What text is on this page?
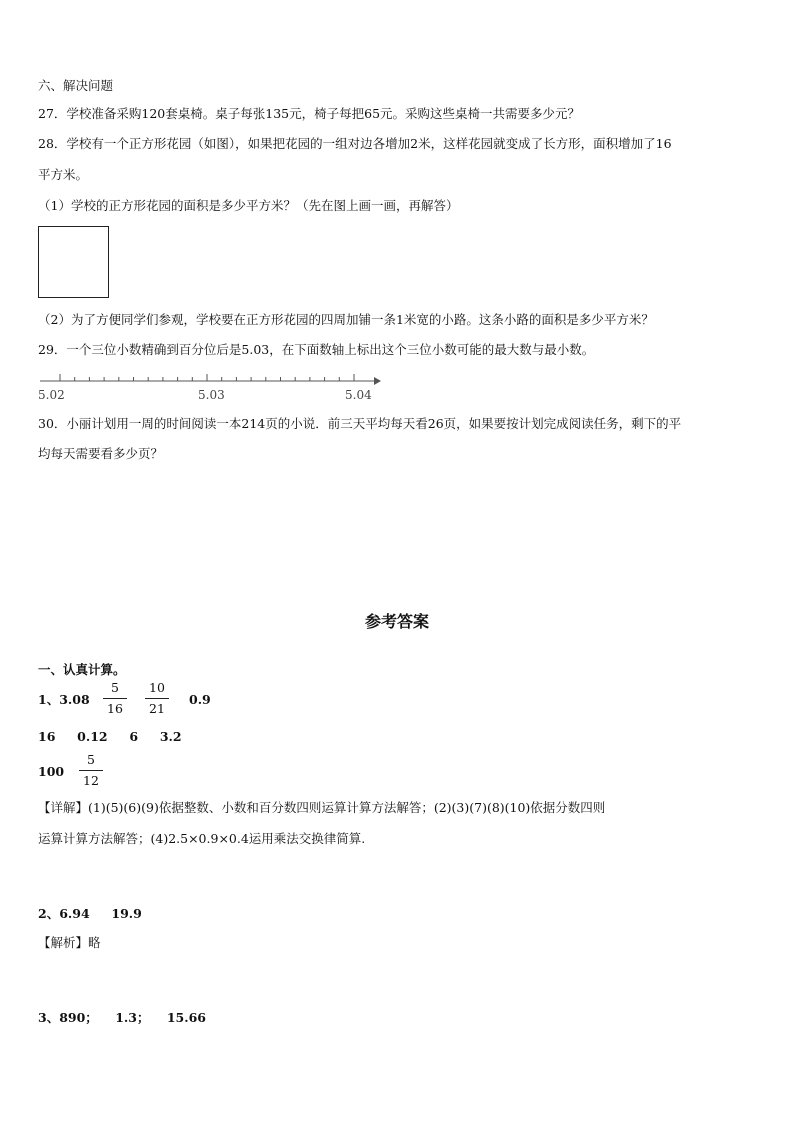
六、解决问题
27．学校准备采购120套桌椅。桌子每张135元，椅子每把65元。采购这些桌椅一共需要多少元？
28．学校有一个正方形花园（如图），如果把花园的一组对边各增加2米，这样花园就变成了长方形，面积增加了16
平方米。
（1）学校的正方形花园的面积是多少平方米？（先在图上画一画，再解答）
（2）为了方便同学们参观，学校要在正方形花园的四周加铺一条1米宽的小路。这条小路的面积是多少平方米？
29．一个三位小数精确到百分位后是5.03，在下面数轴上标出这个三位小数可能的最大数与最小数。
5.02	5.03	5.04
30．小丽计划用一周的时间阅读一本214页的小说．前三天平均每天看26页，如果要按计划完成阅读任务，剩下的平
均每天需要看多少页？
参考答案
一、认真计算。
1、3.08
5
16
10
21
0.9
16     0.12     6     3.2
100
5
12
【详解】(1)(5)(6)(9)依据整数、小数和百分数四则运算计算方法解答；(2)(3)(7)(8)(10)依据分数四则
运算计算方法解答；(4)2.5×0.9×0.4运用乘法交换律简算.
2、6.94     19.9
【解析】略
3、890；    1.3；    15.66
